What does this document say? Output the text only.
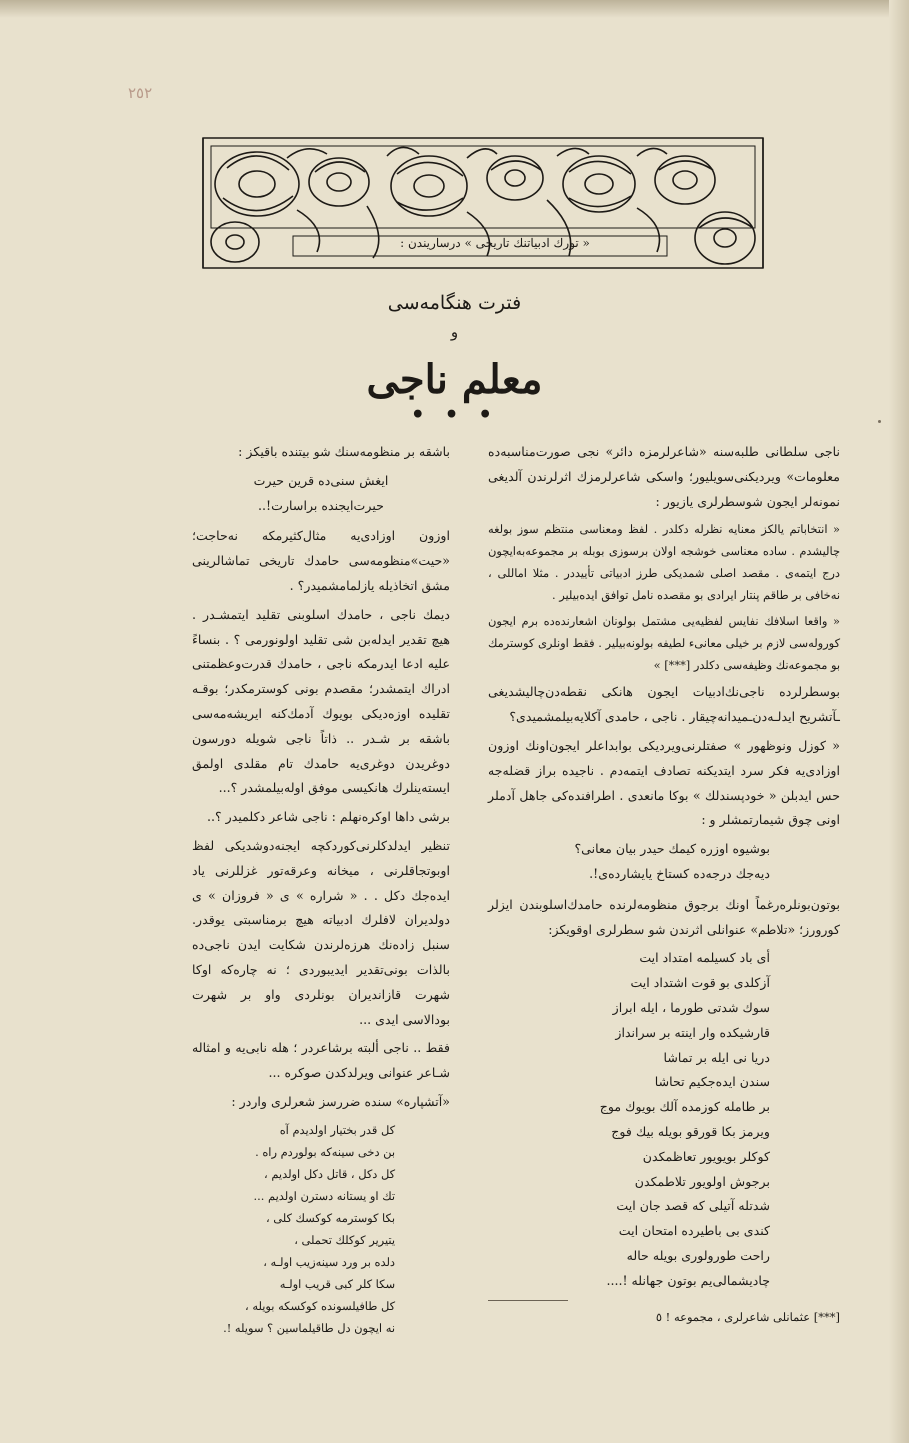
٢٥٢
« تورك ادبياتنك تاريخى » درساريندن :
فترت هنگامه‌سى
و
معلم ناجى
• • •

ناجى سلطانى طلبه‌سنه «شاعرلرمزه دائر» نجى صورت‌مناسبه‌ده معلومات» وير‌ديكنى‌سويليور؛ وا‌سكى شاعر‌لرمزك اثر‌لرندن آلديغى نمونه‌لر ايجون شو‌سطرلرى يازيور :

« انتخاباتم يالكز معنايه نظرله دكلدر . لفظ ومعناسى منتظم سوز بولغه چاليشدم . ساده معناسى خوشجه اولان برسوزى بوبله بر مجموعه‌به‌ايچون درج ايتمه‌ى . مقصد اصلى شمديكى طرز ادبياتى تأييددر . مثلا اماللى ، نه‌خافى بر طاقم پنتار ايرادى بو مقصده نامل توافق ايده‌بيلير .

« واقعا اسلافك نفايس لفظيه‌يى مشتمل بولونان اشعارنده‌ده برم ايجون كوروله‌سى لازم بر خيلى معانى‌ء لطيفه بولونه‌بيلير . فقط اونلرى كوسترمك بو مجموعه‌نك وظيفه‌سى دكلدر [***] »

بوسطرلرده ناجى‌نك‌ادبيات ايجون هانكى نقطه‌دن‌چاليشديغى ـآتشريح ايدلـه‌دن‌ـميدانه‌چيقار . ناجى ، حامدى آكلايه‌بيلمشميدى؟

« كوزل ونوظهور » صفتلرنى‌ويرديكى بوابداعلر ايجون‌اونك اوزون اوزادى‌يه فكر سرد ايتديكنه تصادف ايتمه‌دم . ناجيده براز قضله‌جه حس ايدبلن « خود‌پسندلك » بوكا مانعدى . اطرافنده‌كى جاهل آدملر اونى چوق شيمارتمشلر و :

بوشيوه اوزره كيمك حيدر بيان معانى؟
ديه‌جك درجه‌ده كستاخ يايشارده‌ى!.

بوتون‌بونلره‌رغماً اونك برجوق منظومه‌لرنده حامدك‌اسلوبندن ايزلر كورورز؛ «تلاطم» عنوانلى اثرندن شو سطرلرى اوقويكز:

أى باد كسيلمه امتداد ايت
آزكلدى بو قوت اشتداد ايت
سوك شدتى طورما ، ايله ابراز
قارشيكده وار اينته بر سرانداز
دريا نى ايله بر تماشا
سندن ايده‌جكيم تحاشا
بر طامله كوزمده آلك بويوك موج
ويرمز بكا قورقو بويله بيك فوج
كوكلر بويويور تعاظمكدن
برجوش اولويور تلاطمكدن
شدتله آتيلى كه قصد جان ايت
كندى بى باطيرده امتحان ايت
راحت طورولورى بويله حاله
چاديشمالى‌يم بوتون جهانله !....

[***] عثمانلى شاعرلرى ، مجموعه ! ٥

باشقه بر منظومه‌سنك شو بيتنده باقيكز :

ايغش سنى‌ده قرين حيرت
حيرت‌ايجنده براسارت!..

اوزون اوزادى‌يه مثال‌كثيرمكه نه‌حاجت؛ «حيت»منظومه‌سى حامدك تاريخى تماشالرينى مشق اتخاذيله يازلمامشميدر؟ .

ديمك ناجى ، حامدك اسلوبنى تقليد ايتمشـدر . هيچ تقدير ايدله‌بن شى تقليد اولونورمى ؟ . بنساءً عليه ادعا ايدرمكه ناجى ، حامدك قدرت‌وعظمتنى ادراك ايتمشدر؛ مقصدم بونى كوسترمكدر؛ بوقـه تقليده اوزه‌ديكى بويوك آدمك‌كنه ايريشه‌مه‌سى باشقه بر شـدر .. ذاتاً ناجى شويله دورسون دوغريدن دوغرى‌يه حامدك تام مقلدى اولمق ايسته‌ينلرك هانكيسى موفق اوله‌بيلمشدر ؟...

برشى داها اوكره‌نهلم : ناجى شاعر دكلميدر ؟..

تنظير ايدلدكلرنى‌كوردكچه ايجنه‌دوشديكى لفظ اوبوتجاقلرنى ، ميخانه وعرقه‌تور غزللرنى ياد ايده‌جك دكل . . « شراره » ى « فروزان » ى دولديران لافلرك ادبياته هيچ برمناسبتى يوقدر. سنبل زاده‌نك هرزه‌لرندن شكايت ايدن ناجى‌ده بالذات بونى‌تقدير ايديبوردى ؛ نه چاره‌كه اوكا شهرت قازانديران بونلردى وا‌و بر شهرت بودالاسى ايدى ...

فقط .. ناجى ألبته برشاعردر ؛ هله نابى‌يه و امثاله شـاعر عنوانى ويرلدكدن صوكره ...

«آتشپاره» سنده ضررسز شعرلرى واردر :

كل قدر بختيار اولديدم آه
بن دخى سينه‌كه بولوردم راه .
كل دكل ، قاتل دكل اولديم ،
تك او يستانه دسترن اولديم ...
بكا كوسترمه كوكسك كلى ،
يتيرير كوكلك تحملى ،
دلده بر ورد سينه‌زيب اولـه ،
سكا كلر كبى قريب اولـه
كل طافيلسونده كوكسكه بويله ،
نه ايچون دل طاقيلماسين ؟ سويله !.
